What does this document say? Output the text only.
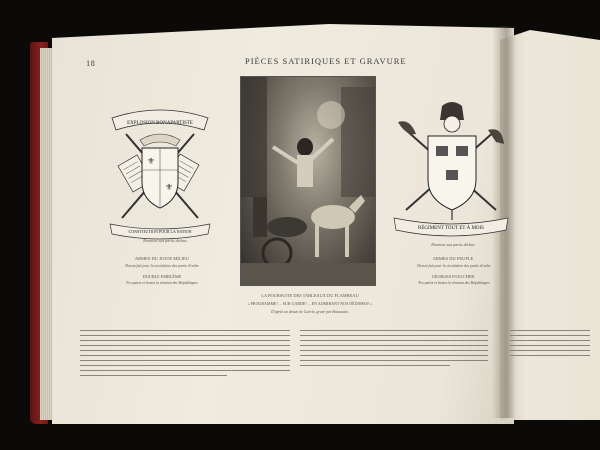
18	PIÈCES SATIRIQUES ET GRAVURE
EXPLOSION BONAPARTISTE
⚜
⚜
CONSTITUTION POUR LA NATION
Honneur aux partis déchus
ARMES DU JUSTE MILIEU
Dessin fait pour la circulation des partis d'ordre
DOUBLE EMBLÈME
Pro patria et hostes la réunion des Républiques
LA POURSUITE DES TABLEAUX DU FLAMBEAU
« PROGRAMME! ... SUR GARDE! ... EN ADMIRANT NOS DÉDISSES! »
D'après un dessin de Guérin, gravé par Beaussain.
RÉGIMENT TOUT ET À MOIS
Honneur aux partis déchus
ARMES DU PEUPLE
Dessin fait pour la circulation des partis d'ordre
GEORGES FOULCHER
Pro patria et hostes la réunion des Républiques
